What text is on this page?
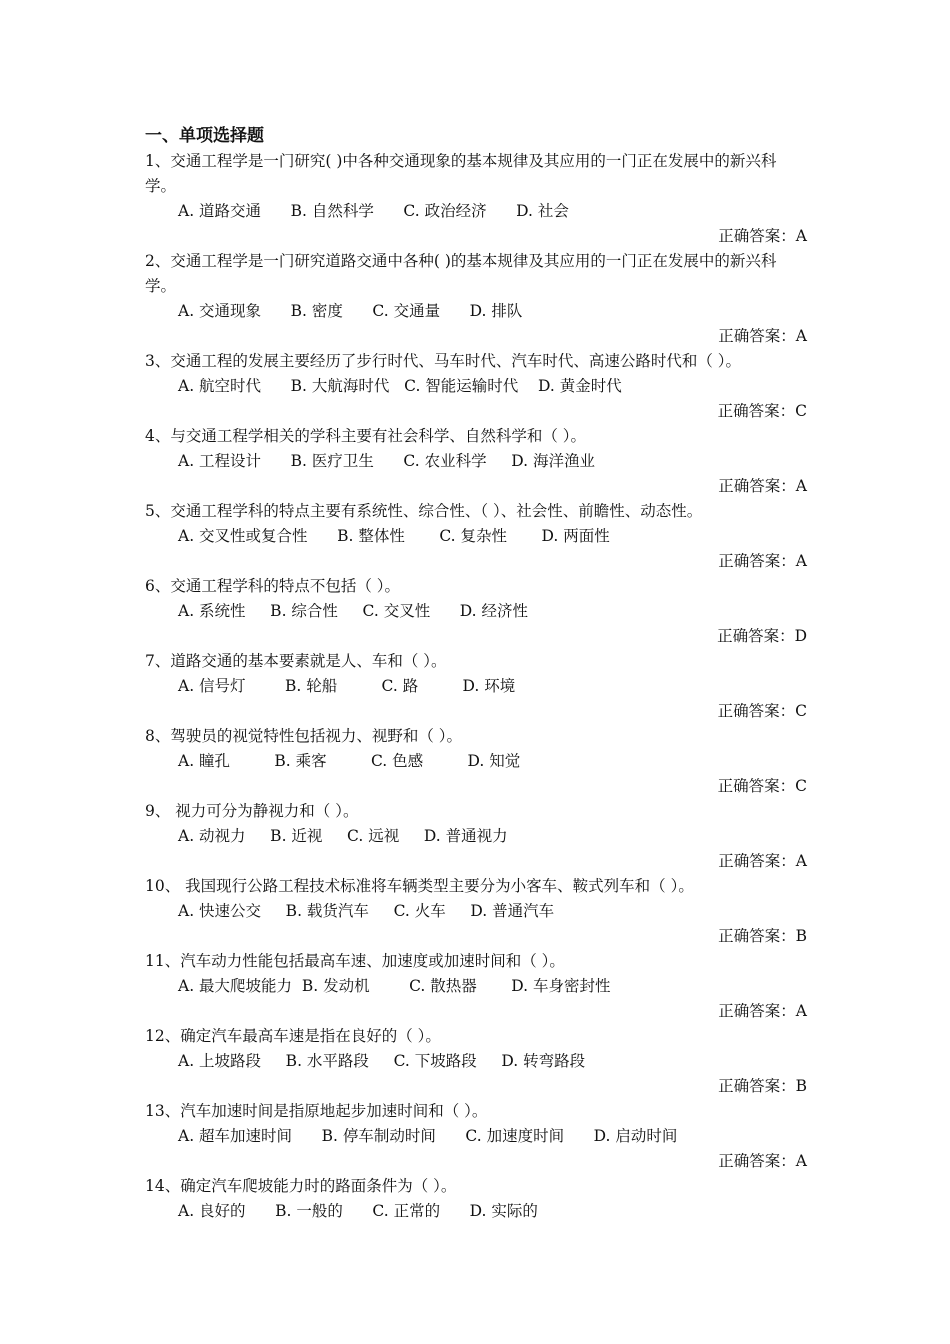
一、单项选择题

1、交通工程学是一门研究( )中各种交通现象的基本规律及其应用的一门正在发展中的新兴科学。

A. 道路交通      B. 自然科学      C. 政治经济      D. 社会

正确答案：A

2、交通工程学是一门研究道路交通中各种( )的基本规律及其应用的一门正在发展中的新兴科学。

A. 交通现象      B. 密度      C. 交通量      D. 排队

正确答案：A

3、交通工程的发展主要经历了步行时代、马车时代、汽车时代、高速公路时代和（ ）。

A. 航空时代      B. 大航海时代   C. 智能运输时代    D. 黄金时代

正确答案：C

4、与交通工程学相关的学科主要有社会科学、自然科学和（ ）。

A. 工程设计      B. 医疗卫生      C. 农业科学     D. 海洋渔业

正确答案：A

5、交通工程学科的特点主要有系统性、综合性、（ ）、社会性、前瞻性、动态性。

A. 交叉性或复合性      B. 整体性       C. 复杂性       D. 两面性

正确答案：A

6、交通工程学科的特点不包括（ ）。

A. 系统性     B. 综合性     C. 交叉性      D. 经济性

正确答案：D

7、道路交通的基本要素就是人、车和（ ）。

A. 信号灯        B. 轮船         C. 路         D. 环境

正确答案：C

8、驾驶员的视觉特性包括视力、视野和（ ）。

A. 瞳孔         B. 乘客         C. 色感         D. 知觉

正确答案：C

9、 视力可分为静视力和（ ）。

A. 动视力     B. 近视     C. 远视     D. 普通视力

正确答案：A

10、 我国现行公路工程技术标准将车辆类型主要分为小客车、鞍式列车和（ ）。

A. 快速公交     B. 载货汽车     C. 火车     D. 普通汽车

正确答案：B

11、汽车动力性能包括最高车速、加速度或加速时间和（ ）。

A. 最大爬坡能力  B. 发动机        C. 散热器       D. 车身密封性

正确答案：A

12、确定汽车最高车速是指在良好的（ ）。

A. 上坡路段     B. 水平路段     C. 下坡路段     D. 转弯路段

正确答案：B

13、汽车加速时间是指原地起步加速时间和（ ）。

A. 超车加速时间      B. 停车制动时间      C. 加速度时间      D. 启动时间

正确答案：A

14、确定汽车爬坡能力时的路面条件为（ ）。

A. 良好的      B. 一般的      C. 正常的      D. 实际的
